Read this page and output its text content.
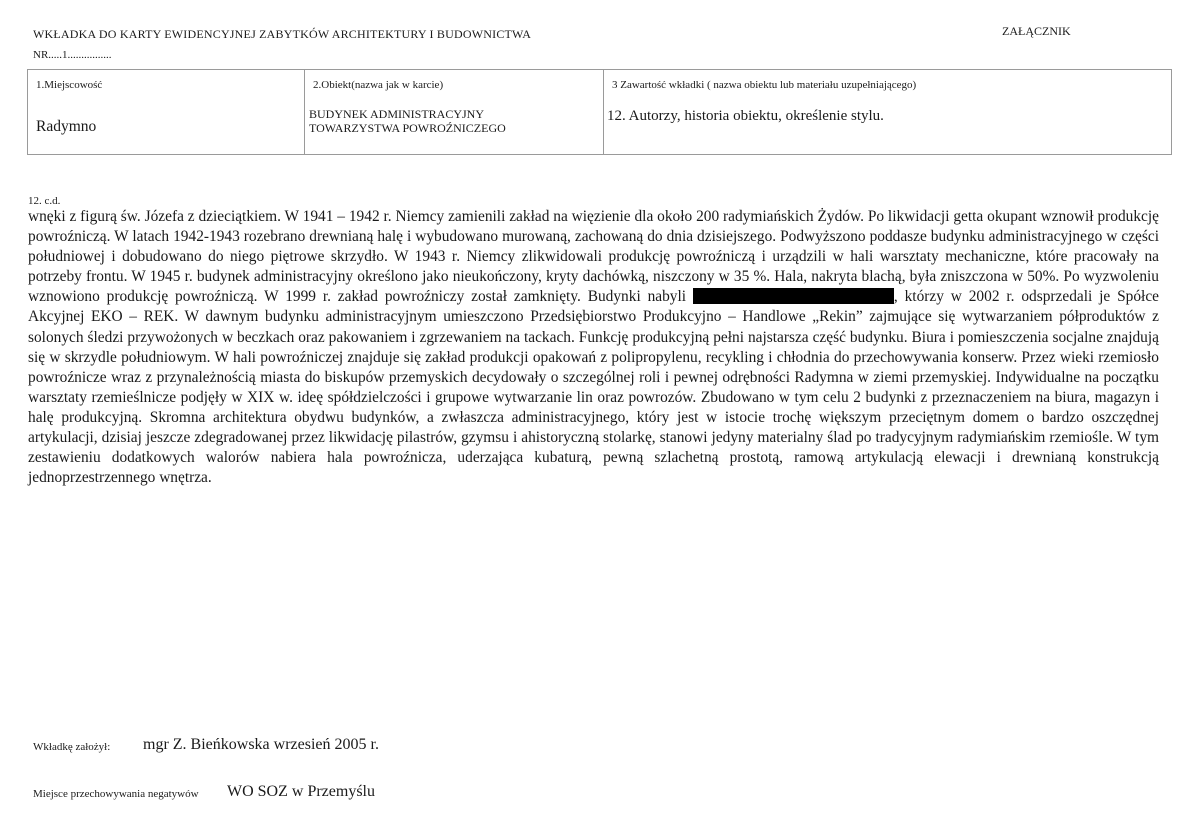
WKŁADKA DO KARTY EWIDENCYJNEJ ZABYTKÓW ARCHITEKTURY I BUDOWNICTWA	ZAŁĄCZNIK
NR.....1................
1.Miejscowość
Radymno

2.Obiekt(nazwa jak w karcie)
BUDYNEK ADMINISTRACYJNY TOWARZYSTWA POWROŹNICZEGO

3 Zawartość wkładki ( nazwa obiektu lub materiału uzupełniającego)
12. Autorzy, historia obiektu, określenie stylu.
12. c.d.

wnęki z figurą św. Józefa z dzieciątkiem. W 1941 – 1942 r. Niemcy zamienili zakład na więzienie dla około 200 radymiańskich Żydów. Po likwidacji getta okupant wznowił produkcję powroźniczą. W latach 1942-1943 rozebrano drewnianą halę i wybudowano murowaną, zachowaną do dnia dzisiejszego. Podwyższono poddasze budynku administracyjnego w części południowej i dobudowano do niego piętrowe skrzydło. W 1943 r. Niemcy zlikwidowali produkcję powroźniczą i urządzili w hali warsztaty mechaniczne, które pracowały na potrzeby frontu. W 1945 r. budynek administracyjny określono jako nieukończony, kryty dachówką, niszczony w 35 %. Hala, nakryta blachą, była zniszczona w 50%. Po wyzwoleniu wznowiono produkcję powroźniczą. W 1999 r. zakład powroźniczy został zamknięty. Budynki nabyli	, którzy w 2002 r. odsprzedali je Spółce Akcyjnej EKO – REK. W dawnym budynku administracyjnym umieszczono Przedsiębiorstwo Produkcyjno – Handlowe „Rekin” zajmujące się wytwarzaniem półproduktów z solonych śledzi przywożonych w beczkach oraz pakowaniem i zgrzewaniem na tackach. Funkcję produkcyjną pełni najstarsza część budynku. Biura i pomieszczenia socjalne znajdują się w skrzydle południowym. W hali powroźniczej znajduje się zakład produkcji opakowań z polipropylenu, recykling i chłodnia do przechowywania konserw. Przez wieki rzemiosło powroźnicze wraz z przynależnością miasta do biskupów przemyskich decydowały o szczególnej roli i pewnej odrębności Radymna w ziemi przemyskiej. Indywidualne na początku warsztaty rzemieślnicze podjęły w XIX w. ideę spółdzielczości i grupowe wytwarzanie lin oraz powrozów. Zbudowano w tym celu 2 budynki z przeznaczeniem na biura, magazyn i halę produkcyjną. Skromna architektura obydwu budynków, a zwłaszcza administracyjnego, który jest w istocie trochę większym przeciętnym domem o bardzo oszczędnej artykulacji, dzisiaj jeszcze zdegradowanej przez likwidację pilastrów, gzymsu i ahistoryczną stolarkę, stanowi jedyny materialny ślad po tradycyjnym radymiańskim rzemiośle. W tym zestawieniu dodatkowych walorów nabiera hala powroźnicza, uderzająca kubaturą, pewną szlachetną prostotą, ramową artykulacją elewacji i drewnianą konstrukcją jednoprzestrzennego wnętrza.

Wkładkę założył: mgr Z. Bieńkowska wrzesień 2005 r.
Miejsce przechowywania negatywów WO SOZ w Przemyślu
